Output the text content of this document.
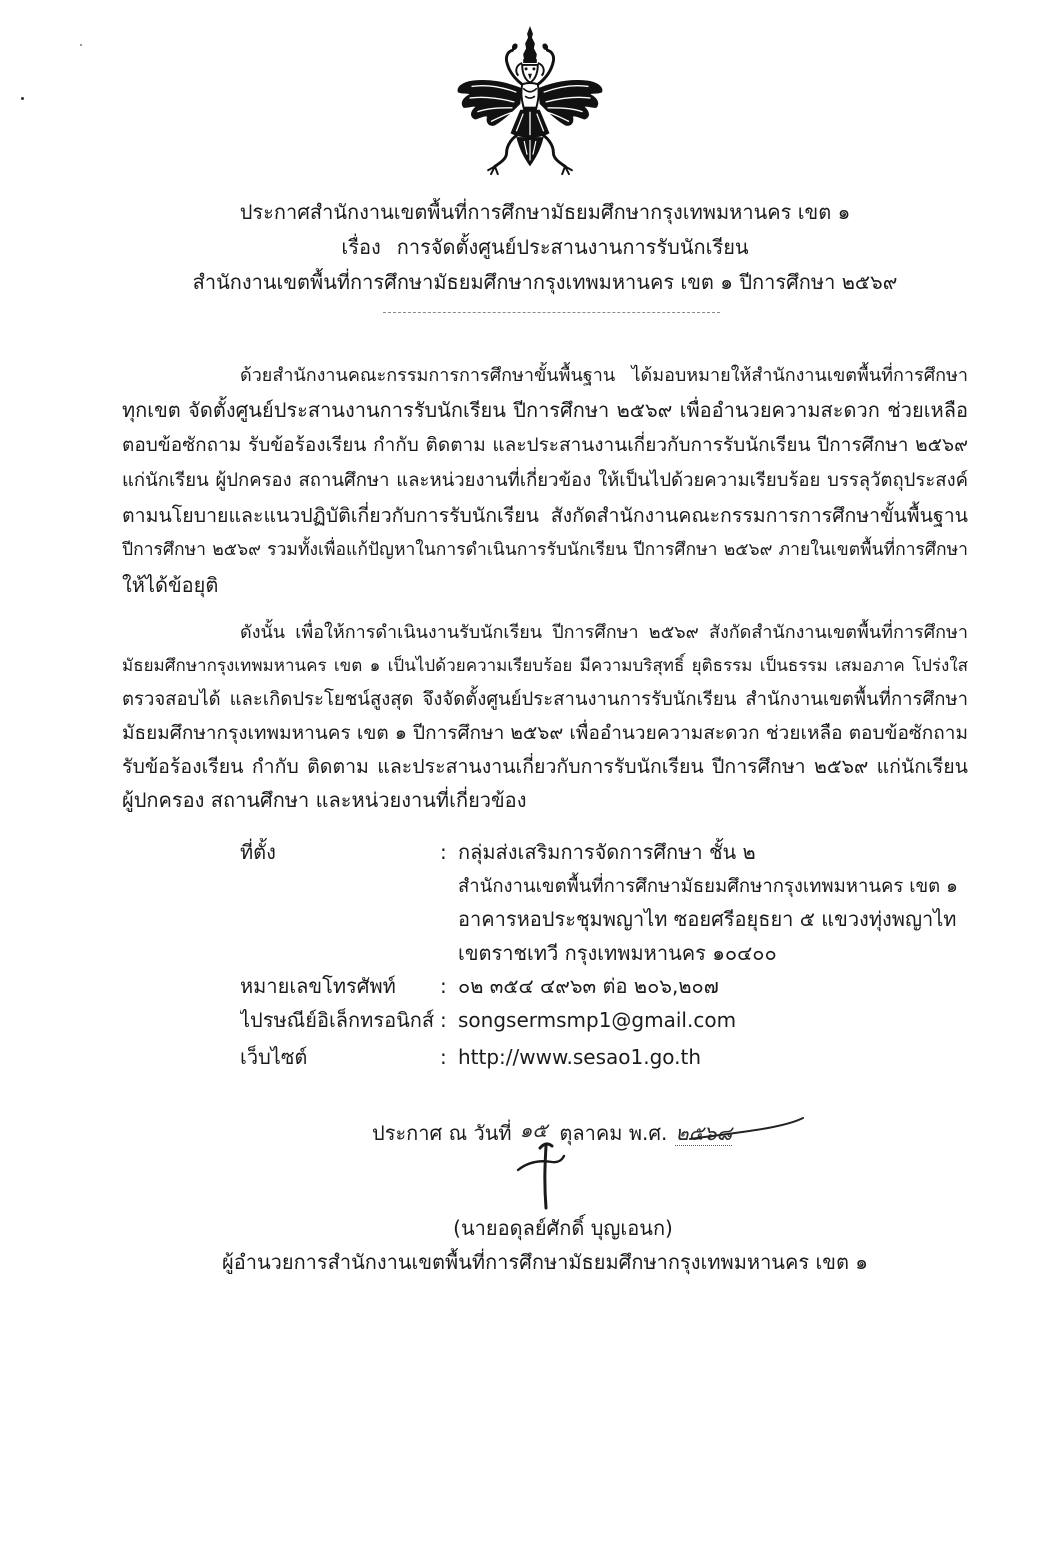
ประกาศสำนักงานเขตพื้นที่การศึกษามัธยมศึกษากรุงเทพมหานคร เขต ๑
เรื่อง การจัดตั้งศูนย์ประสานงานการรับนักเรียน
สำนักงานเขตพื้นที่การศึกษามัธยมศึกษากรุงเทพมหานคร เขต ๑ ปีการศึกษา ๒๕๖๙
ด้วยสำนักงานคณะกรรมการการศึกษาขั้นพื้นฐาน ได้มอบหมายให้สำนักงานเขตพื้นที่การศึกษา
ทุกเขต จัดตั้งศูนย์ประสานงานการรับนักเรียน ปีการศึกษา ๒๕๖๙ เพื่ออำนวยความสะดวก ช่วยเหลือ
ตอบข้อซักถาม รับข้อร้องเรียน กำกับ ติดตาม และประสานงานเกี่ยวกับการรับนักเรียน ปีการศึกษา ๒๕๖๙
แก่นักเรียน ผู้ปกครอง สถานศึกษา และหน่วยงานที่เกี่ยวข้อง ให้เป็นไปด้วยความเรียบร้อย บรรลุวัตถุประสงค์
ตามนโยบายและแนวปฏิบัติเกี่ยวกับการรับนักเรียน สังกัดสำนักงานคณะกรรมการการศึกษาขั้นพื้นฐาน
ปีการศึกษา ๒๕๖๙ รวมทั้งเพื่อแก้ปัญหาในการดำเนินการรับนักเรียน ปีการศึกษา ๒๕๖๙ ภายในเขตพื้นที่การศึกษา
ให้ได้ข้อยุติ
ดังนั้น เพื่อให้การดำเนินงานรับนักเรียน ปีการศึกษา ๒๕๖๙ สังกัดสำนักงานเขตพื้นที่การศึกษา
มัธยมศึกษากรุงเทพมหานคร เขต ๑ เป็นไปด้วยความเรียบร้อย มีความบริสุทธิ์ ยุติธรรม เป็นธรรม เสมอภาค โปร่งใส
ตรวจสอบได้ และเกิดประโยชน์สูงสุด จึงจัดตั้งศูนย์ประสานงานการรับนักเรียน สำนักงานเขตพื้นที่การศึกษา
มัธยมศึกษากรุงเทพมหานคร เขต ๑ ปีการศึกษา ๒๕๖๙ เพื่ออำนวยความสะดวก ช่วยเหลือ ตอบข้อซักถาม
รับข้อร้องเรียน กำกับ ติดตาม และประสานงานเกี่ยวกับการรับนักเรียน ปีการศึกษา ๒๕๖๙ แก่นักเรียน
ผู้ปกครอง สถานศึกษา และหน่วยงานที่เกี่ยวข้อง
ที่ตั้ง	: กลุ่มส่งเสริมการจัดการศึกษา ชั้น ๒
สำนักงานเขตพื้นที่การศึกษามัธยมศึกษากรุงเทพมหานคร เขต ๑
อาคารหอประชุมพญาไท ซอยศรีอยุธยา ๕ แขวงทุ่งพญาไท
เขตราชเทวี กรุงเทพมหานคร ๑๐๔๐๐
หมายเลขโทรศัพท์	: ๐๒ ๓๕๔ ๔๙๖๓ ต่อ ๒๐๖,๒๐๗
ไปรษณีย์อิเล็กทรอนิกส์ : songsermsmp1@gmail.com
เว็บไซต์	: http://www.sesao1.go.th
ประกาศ ณ วันที่ ๑๕ ตุลาคม พ.ศ. ๒๕๖๘
(นายอดุลย์ศักดิ์ บุญเอนก)
ผู้อำนวยการสำนักงานเขตพื้นที่การศึกษามัธยมศึกษากรุงเทพมหานคร เขต ๑
